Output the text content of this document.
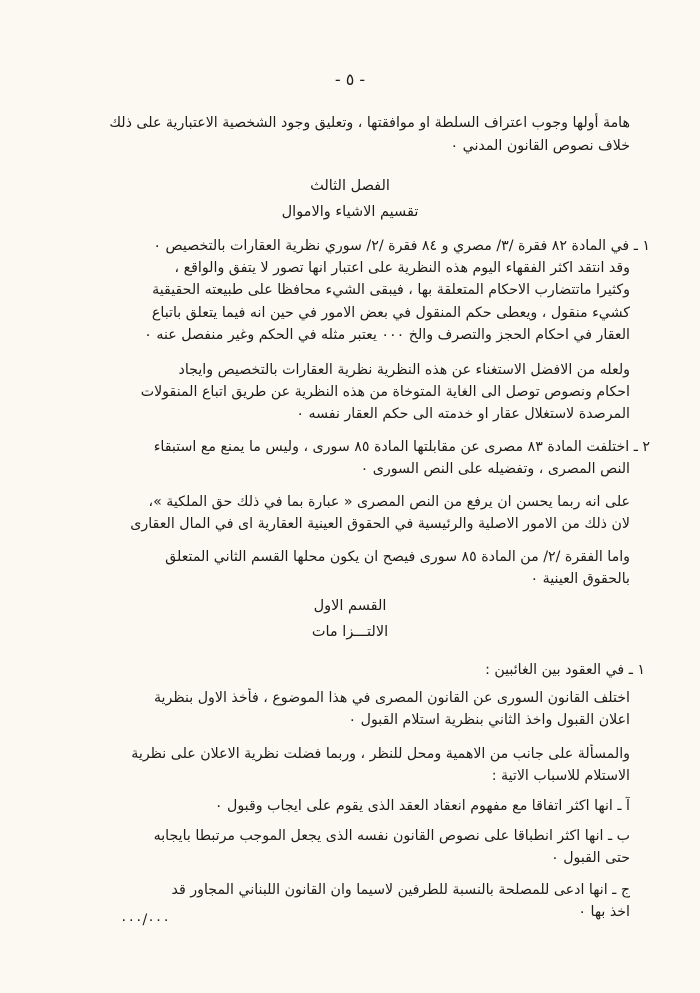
- ٥ -
هامة أولها وجوب اعتراف السلطة او موافقتها ، وتعليق وجود الشخصية الاعتبارية على ذلك
خلاف نصوص القانون المدني ٠
الفصل الثالث
تقسيم الاشياء والاموال
١ ـ في المادة ٨٢ فقرة /٣/ مصري و ٨٤ فقرة /٢/ سوري نظرية العقارات بالتخصيص ٠
وقد انتقد اكثر الفقهاء اليوم هذه النظرية على اعتبار انها تصور لا يتفق والواقع ،
وكثيرا ماتتضارب الاحكام المتعلقة بها ، فيبقى الشيء محافظا على طبيعته الحقيقية
كشيء منقول ، ويعطى حكم المنقول في بعض الامور في حين انه فيما يتعلق باتباع
العقار في احكام الحجز والتصرف والخ ٠٠٠ يعتبر مثله في الحكم وغير منفصل عنه ٠
ولعله من الافضل الاستغناء عن هذه النظرية نظرية العقارات بالتخصيص وايجاد
احكام ونصوص توصل الى الغاية المتوخاة من هذه النظرية عن طريق اتباع المنقولات
المرصدة لاستغلال عقار او خدمته الى حكم العقار نفسه ٠
٢ ـ اختلفت المادة ٨٣ مصرى عن مقابلتها المادة ٨٥ سورى ، وليس ما يمنع مع استبقاء
النص المصرى ، وتفضيله على النص السورى ٠
على انه ربما يحسن ان يرفع من النص المصرى « عبارة بما في ذلك حق الملكية »،
لان ذلك من الامور الاصلية والرئيسية في الحقوق العينية العقارية اى في المال العقارى
واما الفقرة /٢/ من المادة ٨٥ سورى فيصح ان يكون محلها القسم الثاني المتعلق
بالحقوق العينية ٠
القسم الاول
الالتـــزا مات
١ ـ في العقود بين الغائبين :
اختلف القانون السورى عن القانون المصرى في هذا الموضوع ، فأخذ الاول بنظرية
اعلان القبول واخذ الثاني بنظرية استلام القبول ٠
والمسألة على جانب من الاهمية ومحل للنظر ، وربما فضلت نظرية الاعلان على نظرية
الاستلام للاسباب الاتية :
آ ـ انها اكثر اتفاقا مع مفهوم انعقاد العقد الذى يقوم على ايجاب وقبول ٠
ب ـ انها اكثر انطباقا على نصوص القانون نفسه الذى يجعل الموجب مرتبطا بايجابه
حتى القبول ٠
ج ـ انها ادعى للمصلحة بالنسبة للطرفين لاسيما وان القانون اللبناني المجاور قد
اخذ بها ٠
٠٠٠/٠٠٠
